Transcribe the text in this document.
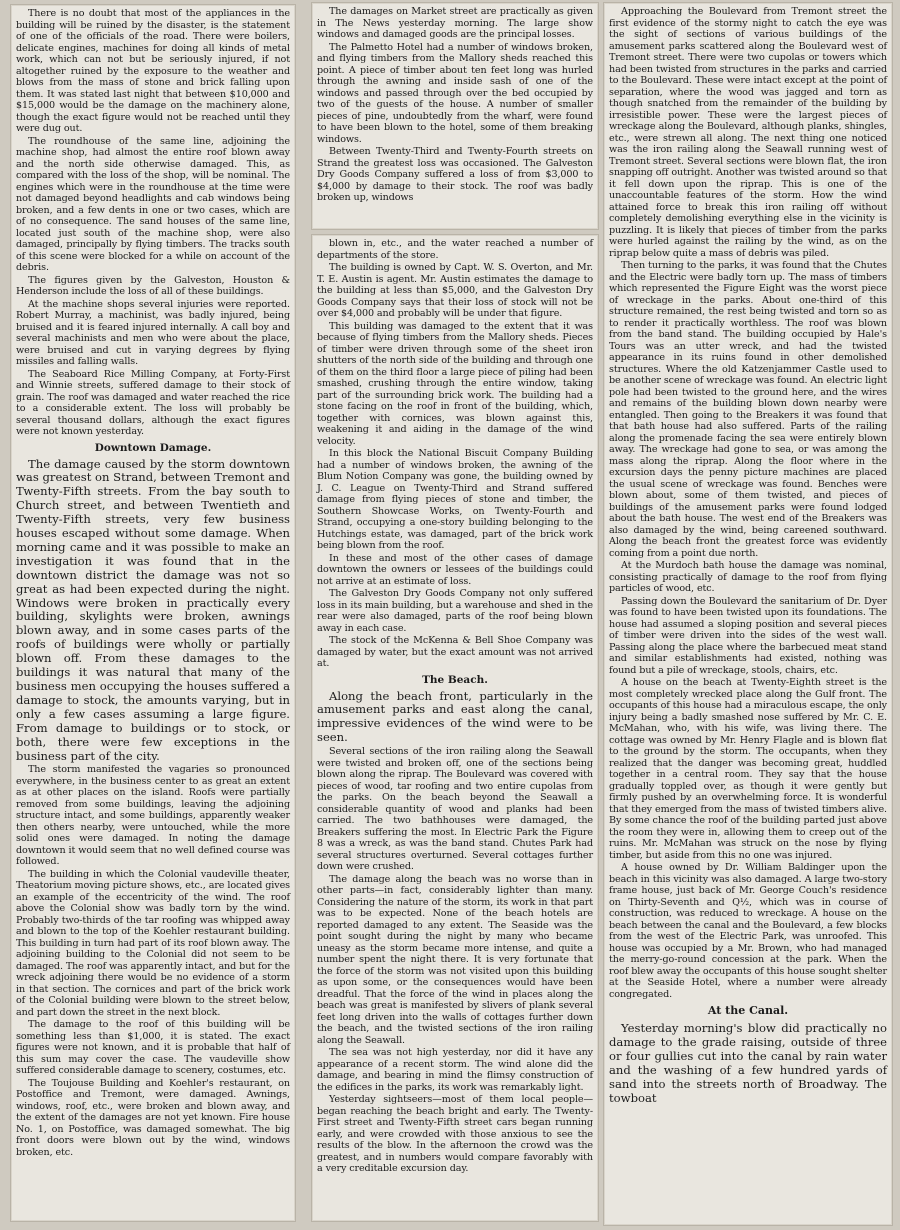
There is no doubt that most of the appliances in the building will be ruined by the disaster, is the statement of one of the officials of the road. There were boilers, delicate engines, machines for doing all kinds of metal work, which can not but be seriously injured, if not altogether ruined by the exposure to the weather and blows from the mass of stone and brick falling upon them. It was stated last night that between $10,000 and $15,000 would be the damage on the machinery alone, though the exact figure would not be reached until they were dug out.

The roundhouse of the same line, adjoining the machine shop, had almost the entire roof blown away and the north side otherwise damaged. This, as compared with the loss of the shop, will be nominal. The engines which were in the roundhouse at the time were not damaged beyond headlights and cab windows being broken, and a few dents in one or two cases, which are of no consequence. The sand houses of the same line, located just south of the machine shop, were also damaged, principally by flying timbers. The tracks south of this scene were blocked for a while on account of the debris.

The figures given by the Galveston, Houston & Henderson include the loss of all of these buildings.

At the machine shops several injuries were reported. Robert Murray, a machinist, was badly injured, being bruised and it is feared injured internally. A call boy and several machinists and men who were about the place, were bruised and cut in varying degrees by flying missiles and falling walls.

The Seaboard Rice Milling Company, at Forty-First and Winnie streets, suffered damage to their stock of grain. The roof was damaged and water reached the rice to a considerable extent. The loss will probably be several thousand dollars, although the exact figures were not known yesterday.

Downtown Damage.

The damage caused by the storm downtown was greatest on Strand, between Tremont and Twenty-Fifth streets. From the bay south to Church street, and between Twentieth and Twenty-Fifth streets, very few business houses escaped without some damage. When morning came and it was possible to make an investigation it was found that in the downtown district the damage was not so great as had been expected during the night. Windows were broken in practically every building, skylights were broken, awnings blown away, and in some cases parts of the roofs of buildings were wholly or partially blown off. From these damages to the buildings it was natural that many of the business men occupying the houses suffered a damage to stock, the amounts varying, but in only a few cases assuming a large figure. From damage to buildings or to stock, or both, there were few exceptions in the business part of the city.

The storm manifested the vagaries so pronounced everywhere, in the business center to as great an extent as at other places on the island. Roofs were partially removed from some buildings, leaving the adjoining structure intact, and some buildings, apparently weaker then others nearby, were untouched, while the more solid ones were damaged. In noting the damage downtown it would seem that no well defined course was followed.

The building in which the Colonial vaudeville theater, Theatorium moving picture shows, etc., are located gives an example of the eccentricity of the wind. The roof above the Colonial show was badly torn by the wind. Probably two-thirds of the tar roofing was whipped away and blown to the top of the Koehler restaurant building. This building in turn had part of its roof blown away. The adjoining building to the Colonial did not seem to be damaged. The roof was apparently intact, and but for the wreck adjoining there would be no evidence of a storm in that section. The cornices and part of the brick work of the Colonial building were blown to the street below, and part down the street in the next block.

The damage to the roof of this building will be something less than $1,000, it is stated. The exact figures were not known, and it is probable that half of this sum may cover the case. The vaudeville show suffered considerable damage to scenery, costumes, etc.

The Toujouse Building and Koehler's restaurant, on Postoffice and Tremont, were damaged. Awnings, windows, roof, etc., were broken and blown away, and the extent of the damages are not yet known. Fire house No. 1, on Postoffice, was damaged somewhat. The big front doors were blown out by the wind, windows broken, etc.

The damages on Market street are practically as given in The News yesterday morning. The large show windows and damaged goods are the principal losses.

The Palmetto Hotel had a number of windows broken, and flying timbers from the Mallory sheds reached this point. A piece of timber about ten feet long was hurled through the awning and inside sash of one of the windows and passed through over the bed occupied by two of the guests of the house. A number of smaller pieces of pine, undoubtedly from the wharf, were found to have been blown to the hotel, some of them breaking windows.

Between Twenty-Third and Twenty-Fourth streets on Strand the greatest loss was occasioned. The Galveston Dry Goods Company suffered a loss of from $3,000 to $4,000 by damage to their stock. The roof was badly broken up, windows

blown in, etc., and the water reached a number of departments of the store.

The building is owned by Capt. W. S. Overton, and Mr. T. E. Austin is agent. Mr. Austin estimates the damage to the building at less than $5,000, and the Galveston Dry Goods Company says that their loss of stock will not be over $4,000 and probably will be under that figure.

This building was damaged to the extent that it was because of flying timbers from the Mallory sheds. Pieces of timber were driven through some of the sheet iron shutters of the north side of the building and through one of them on the third floor a large piece of piling had been smashed, crushing through the entire window, taking part of the surrounding brick work. The building had a stone facing on the roof in front of the building, which, together with cornices, was blown against this, weakening it and aiding in the damage of the wind velocity.

In this block the National Biscuit Company Building had a number of windows broken, the awning of the Blum Notion Company was gone, the building owned by J. C. League on Twenty-Third and Strand suffered damage from flying pieces of stone and timber, the Southern Showcase Works, on Twenty-Fourth and Strand, occupying a one-story building belonging to the Hutchings estate, was damaged, part of the brick work being blown from the roof.

In these and most of the other cases of damage downtown the owners or lessees of the buildings could not arrive at an estimate of loss.

The Galveston Dry Goods Company not only suffered loss in its main building, but a warehouse and shed in the rear were also damaged, parts of the roof being blown away in each case.

The stock of the McKenna & Bell Shoe Company was damaged by water, but the exact amount was not arrived at.

The Beach.

Along the beach front, particularly in the amusement parks and east along the canal, impressive evidences of the wind were to be seen.

Several sections of the iron railing along the Seawall were twisted and broken off, one of the sections being blown along the riprap. The Boulevard was covered with pieces of wood, tar roofing and two entire cupolas from the parks. On the beach beyond the Seawall a considerable quantity of wood and planks had been carried. The two bathhouses were damaged, the Breakers suffering the most. In Electric Park the Figure 8 was a wreck, as was the band stand. Chutes Park had several structures overturned. Several cottages further down were crushed.

The damage along the beach was no worse than in other parts—in fact, considerably lighter than many. Considering the nature of the storm, its work in that part was to be expected. None of the beach hotels are reported damaged to any extent. The Seaside was the point sought during the night by many who became uneasy as the storm became more intense, and quite a number spent the night there. It is very fortunate that the force of the storm was not visited upon this building as upon some, or the consequences would have been dreadful. That the force of the wind in places along the beach was great is manifested by slivers of plank several feet long driven into the walls of cottages further down the beach, and the twisted sections of the iron railing along the Seawall.

The sea was not high yesterday, nor did it have any appearance of a recent storm. The wind alone did the damage, and bearing in mind the flimsy construction of the edifices in the parks, its work was remarkably light.

Yesterday sightseers—most of them local people—began reaching the beach bright and early. The Twenty-First street and Twenty-Fifth street cars began running early, and were crowded with those anxious to see the results of the blow. In the afternoon the crowd was the greatest, and in numbers would compare favorably with a very creditable excursion day.

Approaching the Boulevard from Tremont street the first evidence of the stormy night to catch the eye was the sight of sections of various buildings of the amusement parks scattered along the Boulevard west of Tremont street. There were two cupolas or towers which had been twisted from structures in the parks and carried to the Boulevard. These were intact except at the point of separation, where the wood was jagged and torn as though snatched from the remainder of the building by irresistible power. These were the largest pieces of wreckage along the Boulevard, although planks, shingles, etc., were strewn all along. The next thing one noticed was the iron railing along the Seawall running west of Tremont street. Several sections were blown flat, the iron snapping off outright. Another was twisted around so that it fell down upon the riprap. This is one of the unaccountable features of the storm. How the wind attained force to break this iron railing off without completely demolishing everything else in the vicinity is puzzling. It is likely that pieces of timber from the parks were hurled against the railing by the wind, as on the riprap below quite a mass of debris was piled.

Then turning to the parks, it was found that the Chutes and the Electric were badly torn up. The mass of timbers which represented the Figure Eight was the worst piece of wreckage in the parks. About one-third of this structure remained, the rest being twisted and torn so as to render it practically worthless. The roof was blown from the band stand. The building occupied by Hale's Tours was an utter wreck, and had the twisted appearance in its ruins found in other demolished structures. Where the old Katzenjammer Castle used to be another scene of wreckage was found. An electric light pole had been twisted to the ground here, and the wires and remains of the building blown down nearby were entangled. Then going to the Breakers it was found that that bath house had also suffered. Parts of the railing along the promenade facing the sea were entirely blown away. The wreckage had gone to sea, or was among the mass along the riprap. Along the floor where in the excursion days the penny picture machines are placed the usual scene of wreckage was found. Benches were blown about, some of them twisted, and pieces of buildings of the amusement parks were found lodged about the bath house. The west end of the Breakers was also damaged by the wind, being careened southward. Along the beach front the greatest force was evidently coming from a point due north.

At the Murdoch bath house the damage was nominal, consisting practically of damage to the roof from flying particles of wood, etc.

Passing down the Boulevard the sanitarium of Dr. Dyer was found to have been twisted upon its foundations. The house had assumed a sloping position and several pieces of timber were driven into the sides of the west wall. Passing along the place where the barbecued meat stand and similar establishments had existed, nothing was found but a pile of wreckage, stools, chairs, etc.

A house on the beach at Twenty-Eighth street is the most completely wrecked place along the Gulf front. The occupants of this house had a miraculous escape, the only injury being a badly smashed nose suffered by Mr. C. E. McMahan, who, with his wife, was living there. The cottage was owned by Mr. Henry Flagle and is blown flat to the ground by the storm. The occupants, when they realized that the danger was becoming great, huddled together in a central room. They say that the house gradually toppled over, as though it were gently but firmly pushed by an overwhelming force. It is wonderful that they emerged from the mass of twisted timbers alive. By some chance the roof of the building parted just above the room they were in, allowing them to creep out of the ruins. Mr. McMahan was struck on the nose by flying timber, but aside from this no one was injured.

A house owned by Dr. William Baldinger upon the beach in this vicinity was also damaged. A large two-story frame house, just back of Mr. George Couch's residence on Thirty-Seventh and Q½, which was in course of construction, was reduced to wreckage. A house on the beach between the canal and the Boulevard, a few blocks from the west of the Electric Park, was unroofed. This house was occupied by a Mr. Brown, who had managed the merry-go-round concession at the park. When the roof blew away the occupants of this house sought shelter at the Seaside Hotel, where a number were already congregated.

At the Canal.

Yesterday morning's blow did practically no damage to the grade raising, outside of three or four gullies cut into the canal by rain water and the washing of a few hundred yards of sand into the streets north of Broadway. The towboat
